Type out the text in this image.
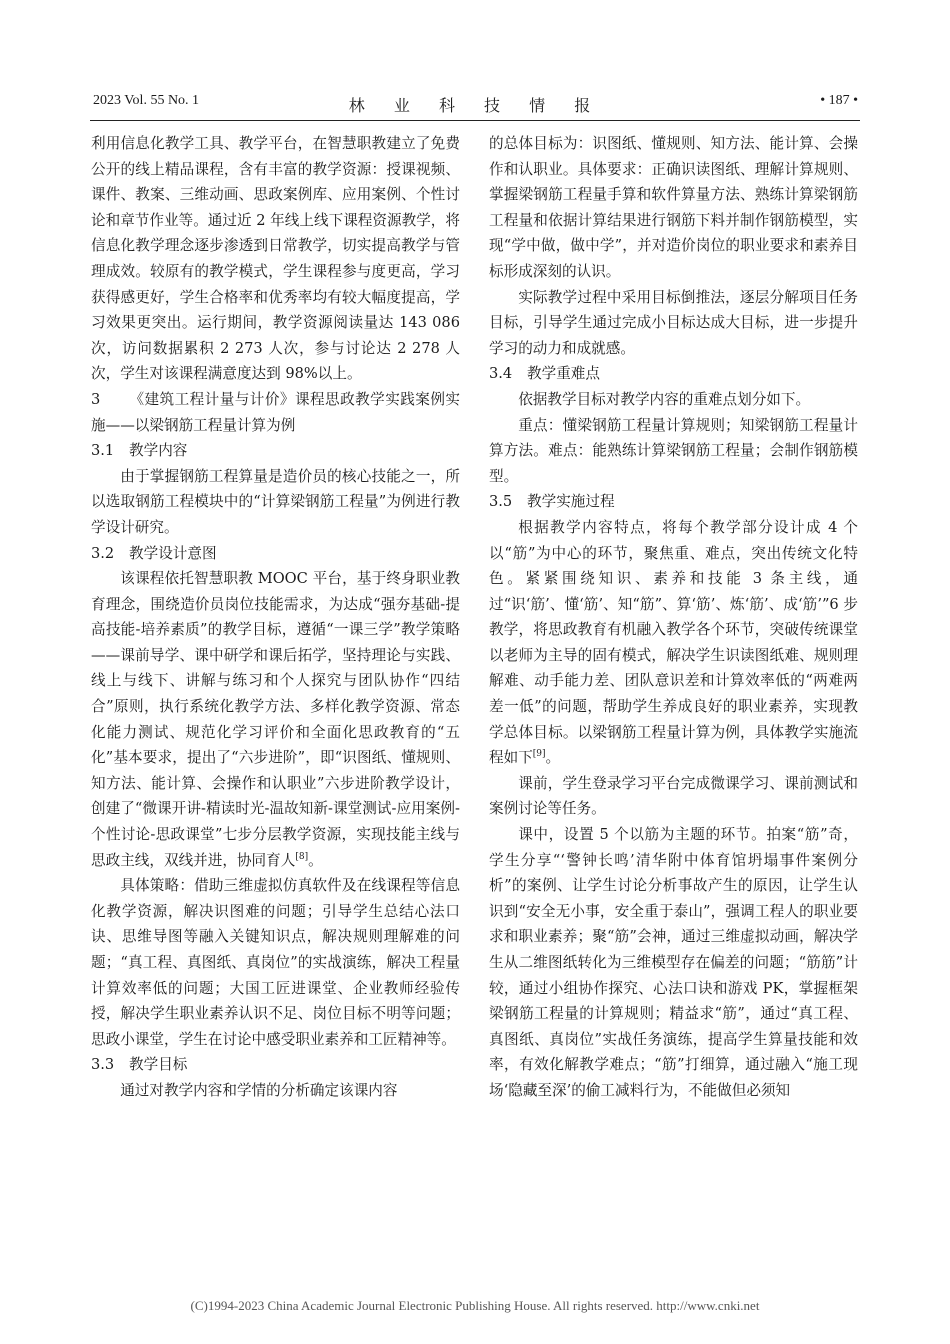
2023 Vol. 55 No. 1	林 业 科 技 情 报	• 187 •

利用信息化教学工具、教学平台，在智慧职教建立了免费公开的线上精品课程，含有丰富的教学资源：授课视频、课件、教案、三维动画、思政案例库、应用案例、个性讨论和章节作业等。通过近 2 年线上线下课程资源教学，将信息化教学理念逐步渗透到日常教学，切实提高教学与管理成效。较原有的教学模式，学生课程参与度更高，学习获得感更好，学生合格率和优秀率均有较大幅度提高，学习效果更突出。运行期间，教学资源阅读量达 143 086 次，访问数据累积 2 273 人次，参与讨论达 2 278 人次，学生对该课程满意度达到 98%以上。

3 《建筑工程计量与计价》课程思政教学实践案例实施——以梁钢筋工程量计算为例
3.1 教学内容

由于掌握钢筋工程算量是造价员的核心技能之一，所以选取钢筋工程模块中的“计算梁钢筋工程量”为例进行教学设计研究。

3.2 教学设计意图

该课程依托智慧职教 MOOC 平台，基于终身职业教育理念，围绕造价员岗位技能需求，为达成“强夯基础-提高技能-培养素质”的教学目标，遵循“一课三学”教学策略——课前导学、课中研学和课后拓学，坚持理论与实践、线上与线下、讲解与练习和个人探究与团队协作“四结合”原则，执行系统化教学方法、多样化教学资源、常态化能力测试、规范化学习评价和全面化思政教育的“五化”基本要求，提出了“六步进阶”，即“识图纸、懂规则、知方法、能计算、会操作和认职业”六步进阶教学设计，创建了“微课开讲-精读时光-温故知新-课堂测试-应用案例-个性讨论-思政课堂”七步分层教学资源，实现技能主线与思政主线，双线并进，协同育人[8]。

具体策略：借助三维虚拟仿真软件及在线课程等信息化教学资源，解决识图难的问题；引导学生总结心法口诀、思维导图等融入关键知识点，解决规则理解难的问题；“真工程、真图纸、真岗位”的实战演练，解决工程量计算效率低的问题；大国工匠进课堂、企业教师经验传授，解决学生职业素养认识不足、岗位目标不明等问题；思政小课堂，学生在讨论中感受职业素养和工匠精神等。

3.3 教学目标

通过对教学内容和学情的分析确定该课内容

的总体目标为：识图纸、懂规则、知方法、能计算、会操作和认职业。具体要求：正确识读图纸、理解计算规则、掌握梁钢筋工程量手算和软件算量方法、熟练计算梁钢筋工程量和依据计算结果进行钢筋下料并制作钢筋模型，实现“学中做，做中学”，并对造价岗位的职业要求和素养目标形成深刻的认识。

实际教学过程中采用目标倒推法，逐层分解项目任务目标，引导学生通过完成小目标达成大目标，进一步提升学习的动力和成就感。

3.4 教学重难点

依据教学目标对教学内容的重难点划分如下。

重点：懂梁钢筋工程量计算规则；知梁钢筋工程量计算方法。难点：能熟练计算梁钢筋工程量；会制作钢筋模型。

3.5 教学实施过程

根据教学内容特点，将每个教学部分设计成 4 个以“筋”为中心的环节，聚焦重、难点，突出传统文化特色。紧紧围绕知识、素养和技能 3 条主线，通过“识‘筋’、懂‘筋’、知“筋”、算‘筋’、炼‘筋’、成‘筋’”6 步教学，将思政教育有机融入教学各个环节，突破传统课堂以老师为主导的固有模式，解决学生识读图纸难、规则理解难、动手能力差、团队意识差和计算效率低的“两难两差一低”的问题，帮助学生养成良好的职业素养，实现教学总体目标。以梁钢筋工程量计算为例，具体教学实施流程如下[9]。

课前，学生登录学习平台完成微课学习、课前测试和案例讨论等任务。

课中，设置 5 个以筋为主题的环节。拍案“筋”奇，学生分享“‘警钟长鸣’清华附中体育馆坍塌事件案例分析”的案例、让学生讨论分析事故产生的原因，让学生认识到“安全无小事，安全重于泰山”，强调工程人的职业要求和职业素养；聚“筋”会神，通过三维虚拟动画，解决学生从二维图纸转化为三维模型存在偏差的问题；“筋筋”计较，通过小组协作探究、心法口诀和游戏 PK，掌握框架梁钢筋工程量的计算规则；精益求“筋”，通过“真工程、真图纸、真岗位”实战任务演练，提高学生算量技能和效率，有效化解教学难点；“筋”打细算，通过融入“施工现场‘隐藏至深’的偷工减料行为，不能做但必须知

(C)1994-2023 China Academic Journal Electronic Publishing House. All rights reserved. http://www.cnki.net
